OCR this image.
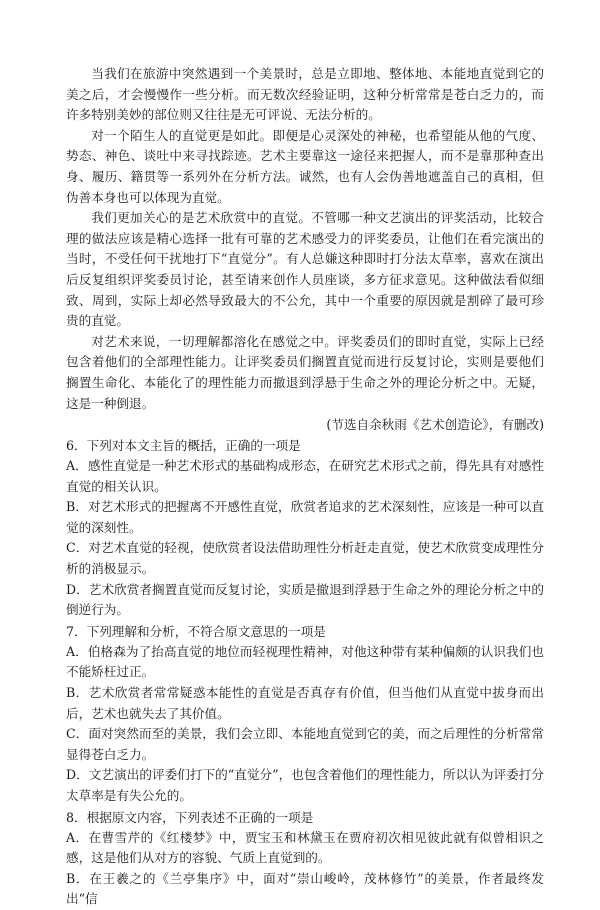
当我们在旅游中突然遇到一个美景时，总是立即地、整体地、本能地直觉到它的美之后，才会慢慢作一些分析。而无数次经验证明，这种分析常常是苍白乏力的，而许多特别美妙的部位则又往往是无可评说、无法分析的。

对一个陌生人的直觉更是如此。即便是心灵深处的神秘，也希望能从他的气度、势态、神色、谈吐中来寻找踪迹。艺术主要靠这一途径来把握人，而不是靠那种查出身、履历、籍贯等一系列外在分析方法。诚然，也有人会伪善地遮盖自己的真相，但伪善本身也可以体现为直觉。

我们更加关心的是艺术欣赏中的直觉。不管哪一种文艺演出的评奖活动，比较合理的做法应该是精心选择一批有可靠的艺术感受力的评奖委员，让他们在看完演出的当时，不受任何干扰地打下“直觉分”。有人总嫌这种即时打分法太草率，喜欢在演出后反复组织评奖委员讨论，甚至请来创作人员座谈，多方征求意见。这种做法看似细致、周到，实际上却必然导致最大的不公允，其中一个重要的原因就是割碎了最可珍贵的直觉。

对艺术来说，一切理解都溶化在感觉之中。评奖委员们的即时直觉，实际上已经包含着他们的全部理性能力。让评奖委员们搁置直觉而进行反复讨论，实则是要他们搁置生命化、本能化了的理性能力而撤退到浮悬于生命之外的理论分析之中。无疑，这是一种倒退。

(节选自余秋雨《艺术创造论》，有删改)

6．下列对本文主旨的概括，正确的一项是

A．感性直觉是一种艺术形式的基础构成形态，在研究艺术形式之前，得先具有对感性直觉的相关认识。

B．对艺术形式的把握离不开感性直觉，欣赏者追求的艺术深刻性，应该是一种可以直觉的深刻性。

C．对艺术直觉的轻视，使欣赏者设法借助理性分析赶走直觉，使艺术欣赏变成理性分析的消极显示。

D．艺术欣赏者搁置直觉而反复讨论，实质是撤退到浮悬于生命之外的理论分析之中的倒逆行为。

7．下列理解和分析，不符合原文意思的一项是

A．伯格森为了抬高直觉的地位而轻视理性精神，对他这种带有某种偏颇的认识我们也不能矫枉过正。

B．艺术欣赏者常常疑惑本能性的直觉是否真存有价值，但当他们从直觉中拔身而出后，艺术也就失去了其价值。

C．面对突然而至的美景，我们会立即、本能地直觉到它的美，而之后理性的分析常常显得苍白乏力。

D．文艺演出的评委们打下的“直觉分”，也包含着他们的理性能力，所以认为评委打分太草率是有失公允的。

8．根据原文内容，下列表述不正确的一项是

A．在曹雪芹的《红楼梦》中，贾宝玉和林黛玉在贾府初次相见彼此就有似曾相识之感，这是他们从对方的容貌、气质上直觉到的。

B．在王羲之的《兰亭集序》中，面对“崇山峻岭，茂林修竹”的美景，作者最终发出“信
